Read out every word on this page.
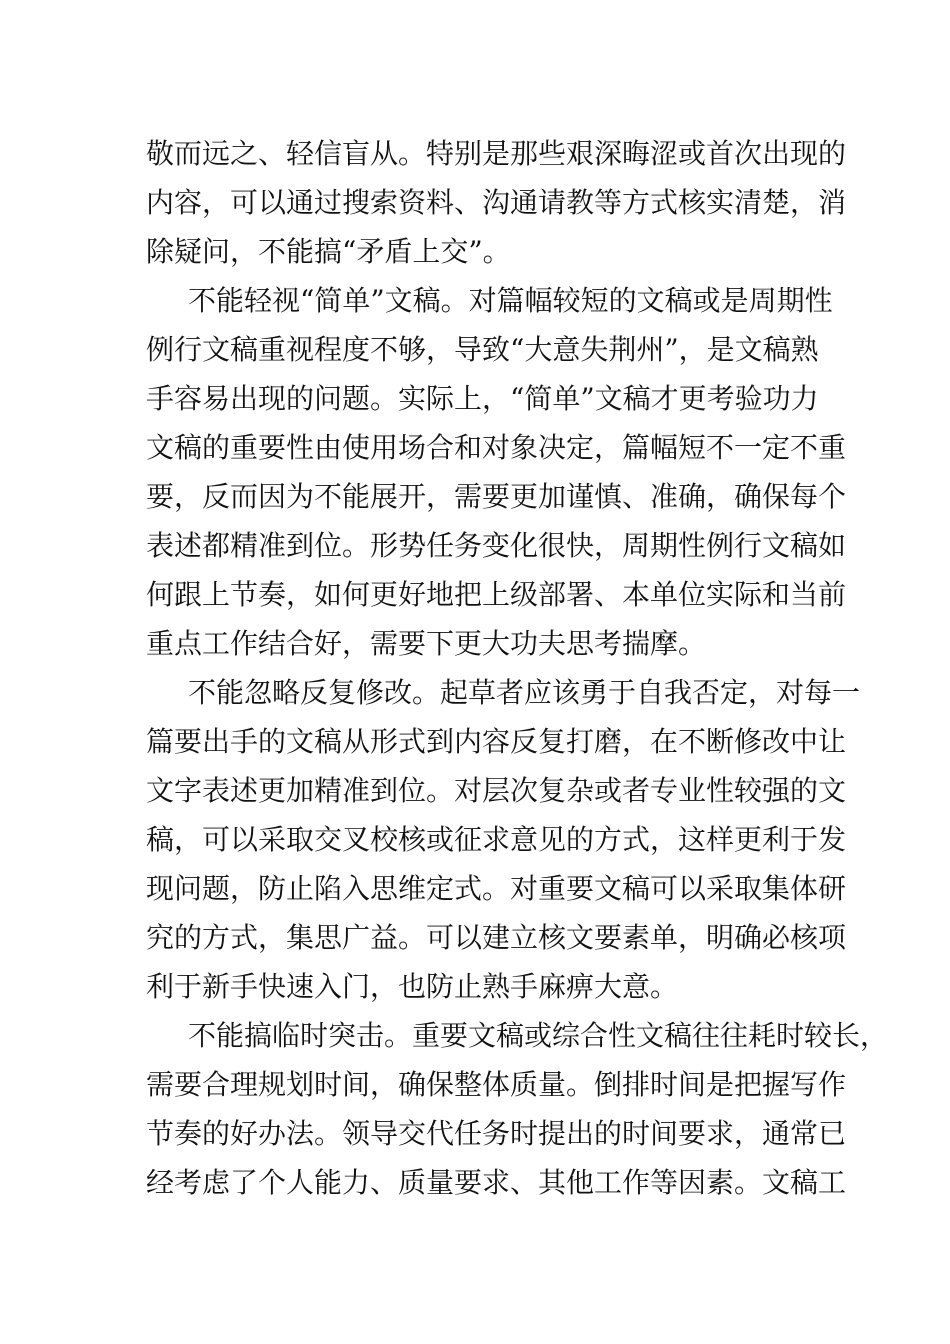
敬而远之、轻信盲从。特别是那些艰深晦涩或首次出现的
内容，可以通过搜索资料、沟通请教等方式核实清楚，消
除疑问，不能搞“矛盾上交”。
不能轻视“简单”文稿。对篇幅较短的文稿或是周期性
例行文稿重视程度不够，导致“大意失荆州”，是文稿熟
手容易出现的问题。实际上，“简单”文稿才更考验功力
文稿的重要性由使用场合和对象决定，篇幅短不一定不重
要，反而因为不能展开，需要更加谨慎、准确，确保每个
表述都精准到位。形势任务变化很快，周期性例行文稿如
何跟上节奏，如何更好地把上级部署、本单位实际和当前
重点工作结合好，需要下更大功夫思考揣摩。
不能忽略反复修改。起草者应该勇于自我否定，对每一
篇要出手的文稿从形式到内容反复打磨，在不断修改中让
文字表述更加精准到位。对层次复杂或者专业性较强的文
稿，可以采取交叉校核或征求意见的方式，这样更利于发
现问题，防止陷入思维定式。对重要文稿可以采取集体研
究的方式，集思广益。可以建立核文要素单，明确必核项
利于新手快速入门，也防止熟手麻痹大意。
不能搞临时突击。重要文稿或综合性文稿往往耗时较长，
需要合理规划时间，确保整体质量。倒排时间是把握写作
节奏的好办法。领导交代任务时提出的时间要求，通常已
经考虑了个人能力、质量要求、其他工作等因素。文稿工
